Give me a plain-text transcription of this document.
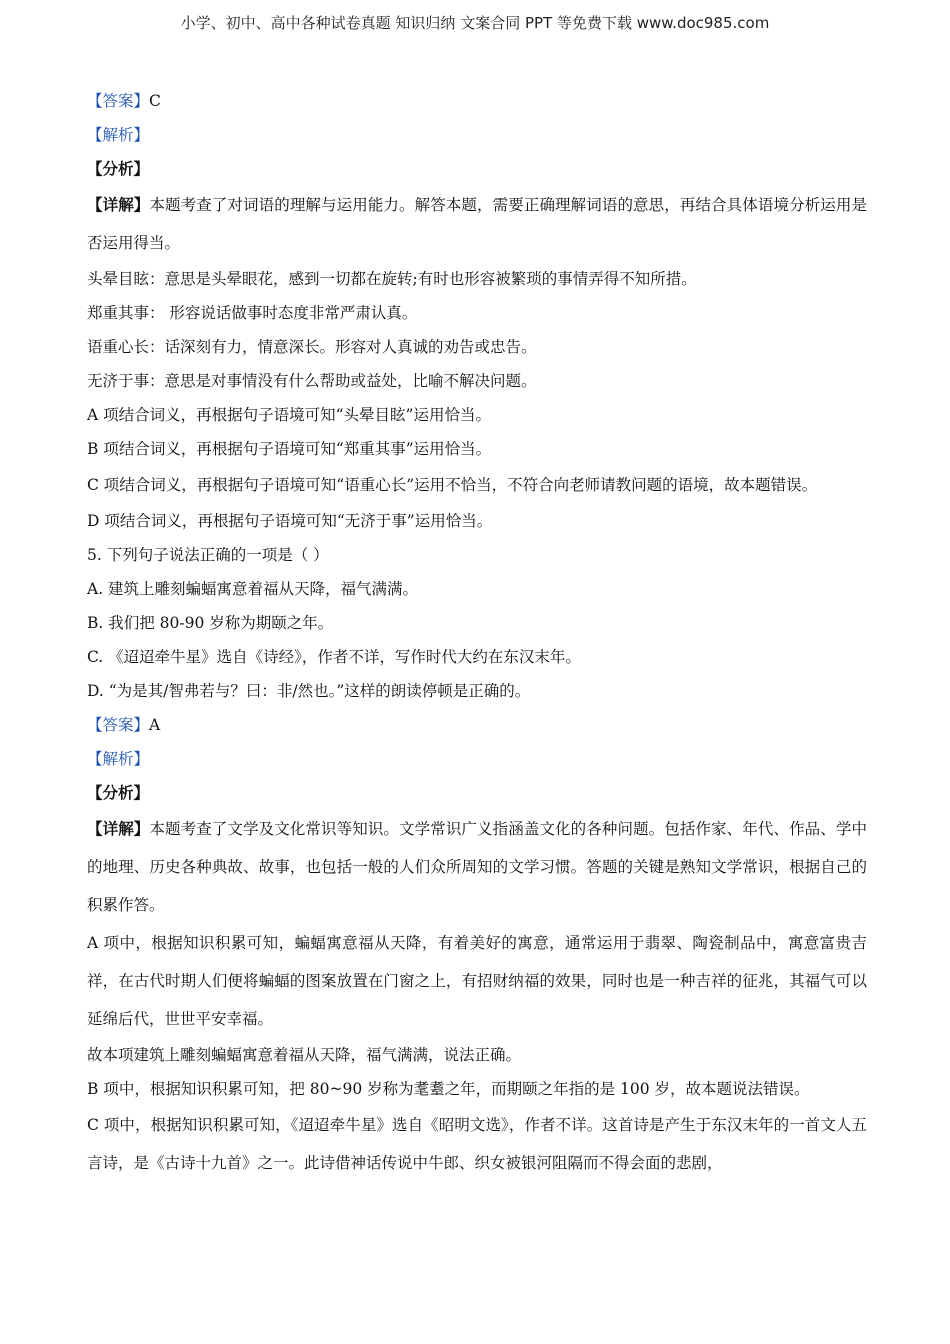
小学、初中、高中各种试卷真题 知识归纳 文案合同 PPT 等免费下载 www.doc985.com
【答案】C
【解析】
【分析】
【详解】本题考查了对词语的理解与运用能力。解答本题，需要正确理解词语的意思，再结合具体语境分析运用是否运用得当。
头晕目眩：意思是头晕眼花，感到一切都在旋转;有时也形容被繁琐的事情弄得不知所措。
郑重其事： 形容说话做事时态度非常严肃认真。
语重心长：话深刻有力，情意深长。形容对人真诚的劝告或忠告。
无济于事：意思是对事情没有什么帮助或益处，比喻不解决问题。
A 项结合词义，再根据句子语境可知“头晕目眩”运用恰当。
B 项结合词义，再根据句子语境可知“郑重其事”运用恰当。
C 项结合词义，再根据句子语境可知“语重心长”运用不恰当，不符合向老师请教问题的语境，故本题错误。
D 项结合词义，再根据句子语境可知“无济于事”运用恰当。
5. 下列句子说法正确的一项是（ ）
A. 建筑上雕刻蝙蝠寓意着福从天降，福气满满。
B. 我们把 80-90 岁称为期颐之年。
C. 《迢迢牵牛星》选自《诗经》，作者不详，写作时代大约在东汉末年。
D. “为是其/智弗若与？曰：非/然也。”这样的朗读停顿是正确的。
【答案】A
【解析】
【分析】
【详解】本题考查了文学及文化常识等知识。文学常识广义指涵盖文化的各种问题。包括作家、年代、作品、学中的地理、历史各种典故、故事，也包括一般的人们众所周知的文学习惯。答题的关键是熟知文学常识，根据自己的积累作答。
A 项中，根据知识积累可知，蝙蝠寓意福从天降，有着美好的寓意，通常运用于翡翠、陶瓷制品中，寓意富贵吉祥，在古代时期人们便将蝙蝠的图案放置在门窗之上，有招财纳福的效果，同时也是一种吉祥的征兆，其福气可以延绵后代，世世平安幸福。
故本项建筑上雕刻蝙蝠寓意着福从天降，福气满满，说法正确。
B 项中，根据知识积累可知，把 80~90 岁称为耄耋之年，而期颐之年指的是 100 岁，故本题说法错误。
C 项中，根据知识积累可知，《迢迢牵牛星》选自《昭明文选》，作者不详。这首诗是产生于东汉末年的一首文人五言诗，是《古诗十九首》之一。此诗借神话传说中牛郎、织女被银河阻隔而不得会面的悲剧，
